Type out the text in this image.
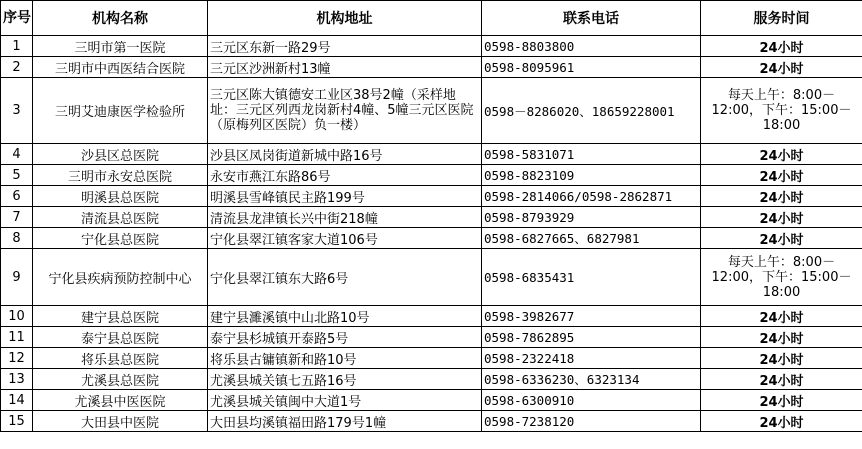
序号	机构名称	机构地址	联系电话	服务时间
1	三明市第一医院	三元区东新一路29号	0598-8803800	24小时
2	三明市中西医结合医院	三元区沙洲新村13幢	0598-8095961	24小时
3	三明艾迪康医学检验所	三元区陈大镇德安工业区38号2幢（采样地址：三元区列西龙岗新村4幢、5幢三元区医院（原梅列区医院）负一楼）	0598－8286020、18659228001	每天上午：8:00－12:00，下午：15:00－18:00
4	沙县区总医院	沙县区凤岗街道新城中路16号	0598-5831071	24小时
5	三明市永安总医院	永安市燕江东路86号	0598-8823109	24小时
6	明溪县总医院	明溪县雪峰镇民主路199号	0598-2814066/0598-2862871	24小时
7	清流县总医院	清流县龙津镇长兴中街218幢	0598-8793929	24小时
8	宁化县总医院	宁化县翠江镇客家大道106号	0598-6827665、6827981	24小时
9	宁化县疾病预防控制中心	宁化县翠江镇东大路6号	0598-6835431	每天上午：8:00－12:00，下午：15:00－18:00
10	建宁县总医院	建宁县濉溪镇中山北路10号	0598-3982677	24小时
11	泰宁县总医院	泰宁县杉城镇开泰路5号	0598-7862895	24小时
12	将乐县总医院	将乐县古镛镇新和路10号	0598-2322418	24小时
13	尤溪县总医院	尤溪县城关镇七五路16号	0598-6336230、6323134	24小时
14	尤溪县中医医院	尤溪县城关镇闽中大道1号	0598-6300910	24小时
15	大田县中医院	大田县均溪镇福田路179号1幢	0598-7238120	24小时
